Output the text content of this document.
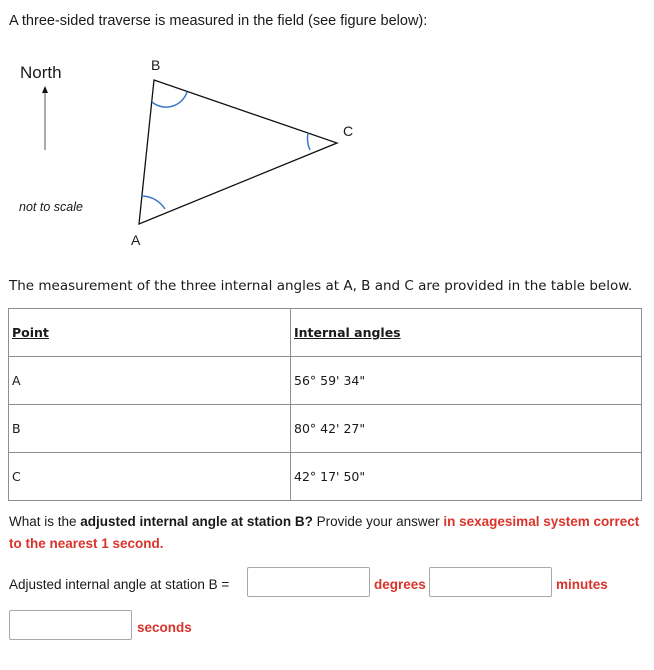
A three-sided traverse is measured in the field (see figure below):
North
not to scale
B
C
A
The measurement of the three internal angles at A, B and C are provided in the table below.
Point	Internal angles
A	56° 59' 34"
B	80° 42' 27"
C	42° 17' 50"
What is the adjusted internal angle at station B? Provide your answer in sexagesimal system correct to the nearest 1 second.
Adjusted internal angle at station B =	degrees	minutes
seconds
